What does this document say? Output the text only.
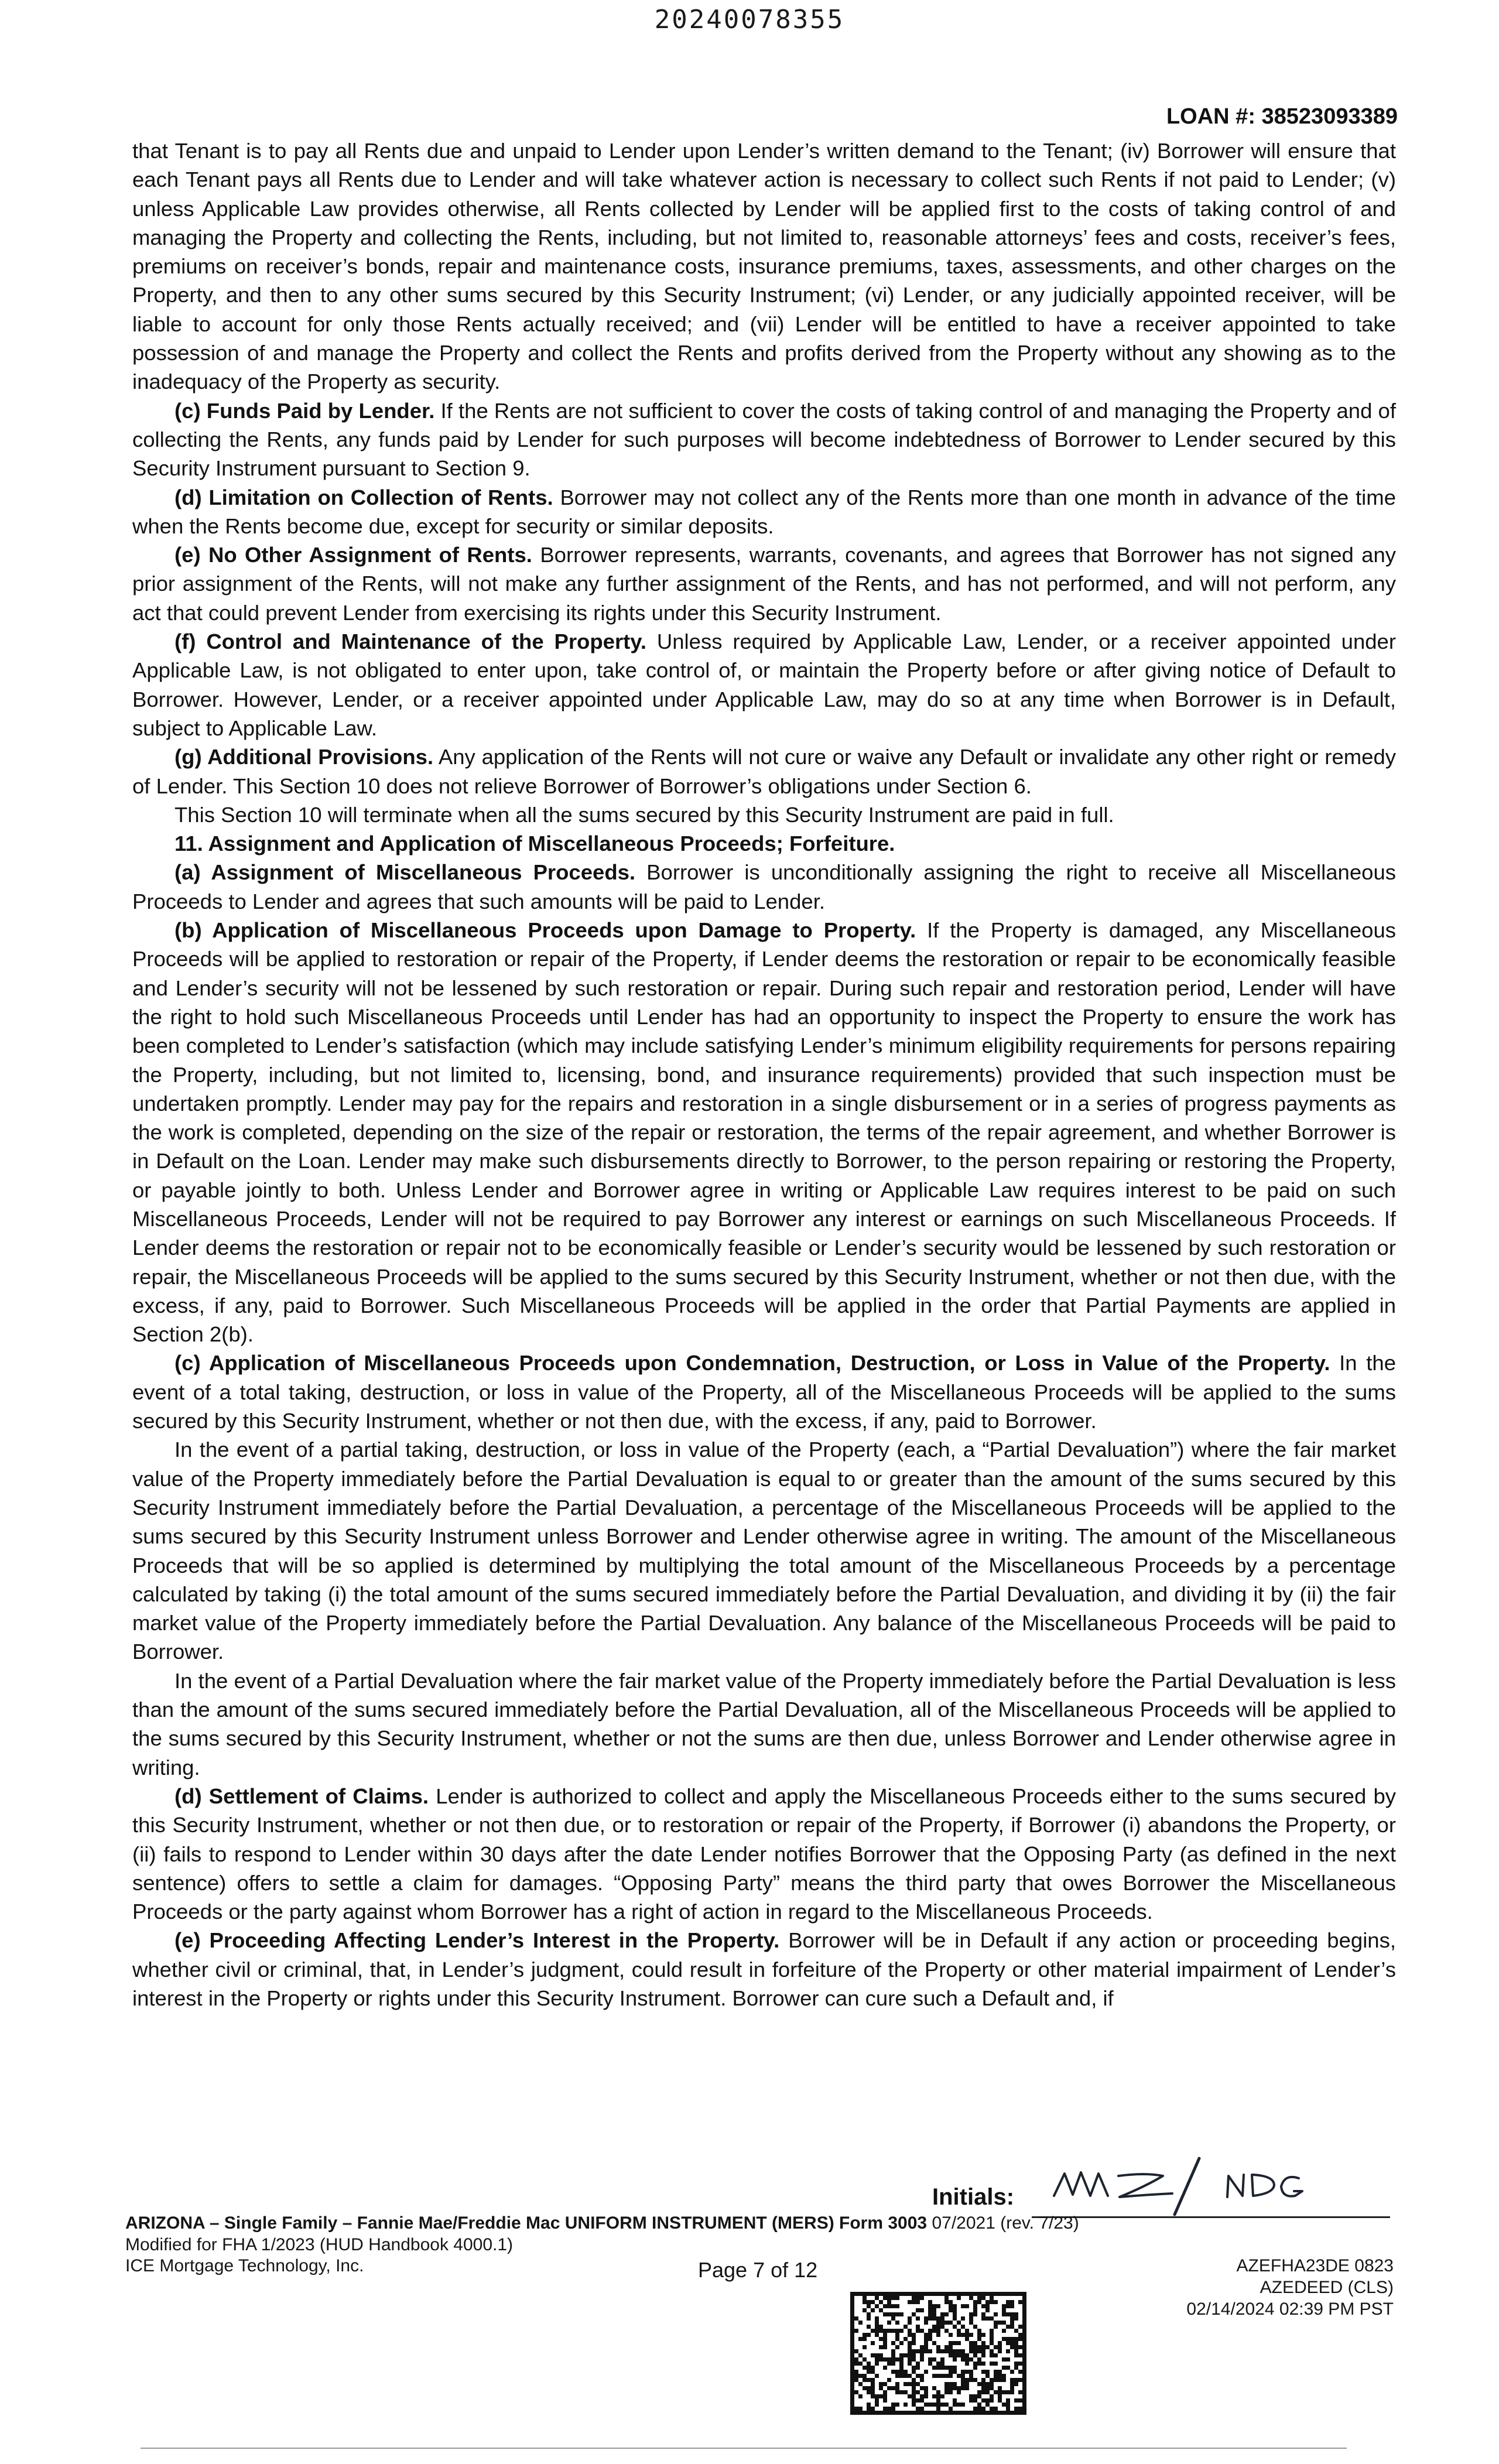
20240078355
LOAN #: 38523093389

that Tenant is to pay all Rents due and unpaid to Lender upon Lender’s written demand to the Tenant; (iv) Borrower will ensure that each Tenant pays all Rents due to Lender and will take whatever action is necessary to collect such Rents if not paid to Lender; (v) unless Applicable Law provides otherwise, all Rents collected by Lender will be applied first to the costs of taking control of and managing the Property and collecting the Rents, including, but not limited to, reasonable attorneys’ fees and costs, receiver’s fees, premiums on receiver’s bonds, repair and maintenance costs, insurance premiums, taxes, assessments, and other charges on the Property, and then to any other sums secured by this Security Instrument; (vi) Lender, or any judicially appointed receiver, will be liable to account for only those Rents actually received; and (vii) Lender will be entitled to have a receiver appointed to take possession of and manage the Property and collect the Rents and profits derived from the Property without any showing as to the inadequacy of the Property as security.

(c) Funds Paid by Lender. If the Rents are not sufficient to cover the costs of taking control of and managing the Property and of collecting the Rents, any funds paid by Lender for such purposes will become indebtedness of Borrower to Lender secured by this Security Instrument pursuant to Section 9.

(d) Limitation on Collection of Rents. Borrower may not collect any of the Rents more than one month in advance of the time when the Rents become due, except for security or similar deposits.

(e) No Other Assignment of Rents. Borrower represents, warrants, covenants, and agrees that Borrower has not signed any prior assignment of the Rents, will not make any further assignment of the Rents, and has not performed, and will not perform, any act that could prevent Lender from exercising its rights under this Security Instrument.

(f) Control and Maintenance of the Property. Unless required by Applicable Law, Lender, or a receiver appointed under Applicable Law, is not obligated to enter upon, take control of, or maintain the Property before or after giving notice of Default to Borrower. However, Lender, or a receiver appointed under Applicable Law, may do so at any time when Borrower is in Default, subject to Applicable Law.

(g) Additional Provisions. Any application of the Rents will not cure or waive any Default or invalidate any other right or remedy of Lender. This Section 10 does not relieve Borrower of Borrower’s obligations under Section 6.

This Section 10 will terminate when all the sums secured by this Security Instrument are paid in full.

11. Assignment and Application of Miscellaneous Proceeds; Forfeiture.

(a) Assignment of Miscellaneous Proceeds. Borrower is unconditionally assigning the right to receive all Miscellaneous Proceeds to Lender and agrees that such amounts will be paid to Lender.

(b) Application of Miscellaneous Proceeds upon Damage to Property. If the Property is damaged, any Miscellaneous Proceeds will be applied to restoration or repair of the Property, if Lender deems the restoration or repair to be economically feasible and Lender’s security will not be lessened by such restoration or repair. During such repair and restoration period, Lender will have the right to hold such Miscellaneous Proceeds until Lender has had an opportunity to inspect the Property to ensure the work has been completed to Lender’s satisfaction (which may include satisfying Lender’s minimum eligibility requirements for persons repairing the Property, including, but not limited to, licensing, bond, and insurance requirements) provided that such inspection must be undertaken promptly. Lender may pay for the repairs and restoration in a single disbursement or in a series of progress payments as the work is completed, depending on the size of the repair or restoration, the terms of the repair agreement, and whether Borrower is in Default on the Loan. Lender may make such disbursements directly to Borrower, to the person repairing or restoring the Property, or payable jointly to both. Unless Lender and Borrower agree in writing or Applicable Law requires interest to be paid on such Miscellaneous Proceeds, Lender will not be required to pay Borrower any interest or earnings on such Miscellaneous Proceeds. If Lender deems the restoration or repair not to be economically feasible or Lender’s security would be lessened by such restoration or repair, the Miscellaneous Proceeds will be applied to the sums secured by this Security Instrument, whether or not then due, with the excess, if any, paid to Borrower. Such Miscellaneous Proceeds will be applied in the order that Partial Payments are applied in Section 2(b).

(c) Application of Miscellaneous Proceeds upon Condemnation, Destruction, or Loss in Value of the Property. In the event of a total taking, destruction, or loss in value of the Property, all of the Miscellaneous Proceeds will be applied to the sums secured by this Security Instrument, whether or not then due, with the excess, if any, paid to Borrower.

In the event of a partial taking, destruction, or loss in value of the Property (each, a “Partial Devaluation”) where the fair market value of the Property immediately before the Partial Devaluation is equal to or greater than the amount of the sums secured by this Security Instrument immediately before the Partial Devaluation, a percentage of the Miscellaneous Proceeds will be applied to the sums secured by this Security Instrument unless Borrower and Lender otherwise agree in writing. The amount of the Miscellaneous Proceeds that will be so applied is determined by multiplying the total amount of the Miscellaneous Proceeds by a percentage calculated by taking (i) the total amount of the sums secured immediately before the Partial Devaluation, and dividing it by (ii) the fair market value of the Property immediately before the Partial Devaluation. Any balance of the Miscellaneous Proceeds will be paid to Borrower.

In the event of a Partial Devaluation where the fair market value of the Property immediately before the Partial Devaluation is less than the amount of the sums secured immediately before the Partial Devaluation, all of the Miscellaneous Proceeds will be applied to the sums secured by this Security Instrument, whether or not the sums are then due, unless Borrower and Lender otherwise agree in writing.

(d) Settlement of Claims. Lender is authorized to collect and apply the Miscellaneous Proceeds either to the sums secured by this Security Instrument, whether or not then due, or to restoration or repair of the Property, if Borrower (i) abandons the Property, or (ii) fails to respond to Lender within 30 days after the date Lender notifies Borrower that the Opposing Party (as defined in the next sentence) offers to settle a claim for damages. “Opposing Party” means the third party that owes Borrower the Miscellaneous Proceeds or the party against whom Borrower has a right of action in regard to the Miscellaneous Proceeds.

(e) Proceeding Affecting Lender’s Interest in the Property. Borrower will be in Default if any action or proceeding begins, whether civil or criminal, that, in Lender’s judgment, could result in forfeiture of the Property or other material impairment of Lender’s interest in the Property or rights under this Security Instrument. Borrower can cure such a Default and, if

Initials:
ARIZONA – Single Family – Fannie Mae/Freddie Mac UNIFORM INSTRUMENT (MERS) Form 3003 07/2021 (rev. 7/23)
Modified for FHA 1/2023 (HUD Handbook 4000.1)
ICE Mortgage Technology, Inc.	Page 7 of 12	AZEFHA23DE 0823
AZEDEED (CLS)
02/14/2024 02:39 PM PST
